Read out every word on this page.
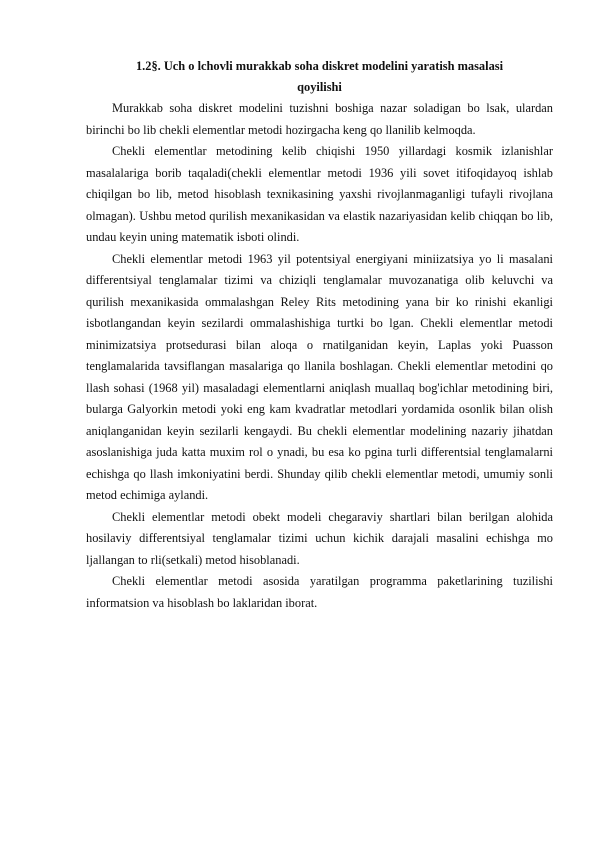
1.2§. Uch o lchovli murakkab soha diskret modelini yaratish masalasi
qoyilishi

Murakkab soha diskret modelini tuzishni boshiga nazar soladigan bo lsak, ulardan birinchi bo lib chekli elementlar metodi hozirgacha keng qo llanilib kelmoqda.

Chekli elementlar metodining kelib chiqishi 1950 yillardagi kosmik izlanishlar masalalariga borib taqaladi(chekli elementlar metodi 1936 yili sovet itifoqidayoq ishlab chiqilgan bo lib, metod hisoblash texnikasining yaxshi rivojlanmaganligi tufayli rivojlana olmagan). Ushbu metod qurilish mexanikasidan va elastik nazariyasidan kelib chiqqan bo lib, undau keyin uning matematik isboti olindi.

Chekli elementlar metodi 1963 yil potentsiyal energiyani miniizatsiya yo li masalani differentsiyal tenglamalar tizimi va chiziqli tenglamalar muvozanatiga olib keluvchi va qurilish mexanikasida ommalashgan Reley Rits metodining yana bir ko rinishi ekanligi isbotlangandan keyin sezilardi ommalashishiga turtki bo lgan. Chekli elementlar metodi minimizatsiya protsedurasi bilan aloqa o rnatilganidan keyin, Laplas yoki Puasson tenglamalarida tavsiflangan masalariga qo llanila boshlagan. Chekli elementlar metodini qo llash sohasi (1968 yil) masaladagi elementlarni aniqlash muallaq bog'ichlar metodining biri, bularga Galyorkin metodi yoki eng kam kvadratlar metodlari yordamida osonlik bilan olish aniqlanganidan keyin sezilarli kengaydi. Bu chekli elementlar modelining nazariy jihatdan asoslanishiga juda katta muxim rol o ynadi, bu esa ko pgina turli differentsial tenglamalarni echishga qo llash imkoniyatini berdi. Shunday qilib chekli elementlar metodi, umumiy sonli metod echimiga aylandi.

Chekli elementlar metodi obekt modeli chegaraviy shartlari bilan berilgan alohida hosilaviy differentsiyal tenglamalar tizimi uchun kichik darajali masalini echishga mo ljallangan to rli(setkali) metod hisoblanadi.

Chekli elementlar metodi asosida yaratilgan programma paketlarining tuzilishi informatsion va hisoblash bo laklaridan iborat.
